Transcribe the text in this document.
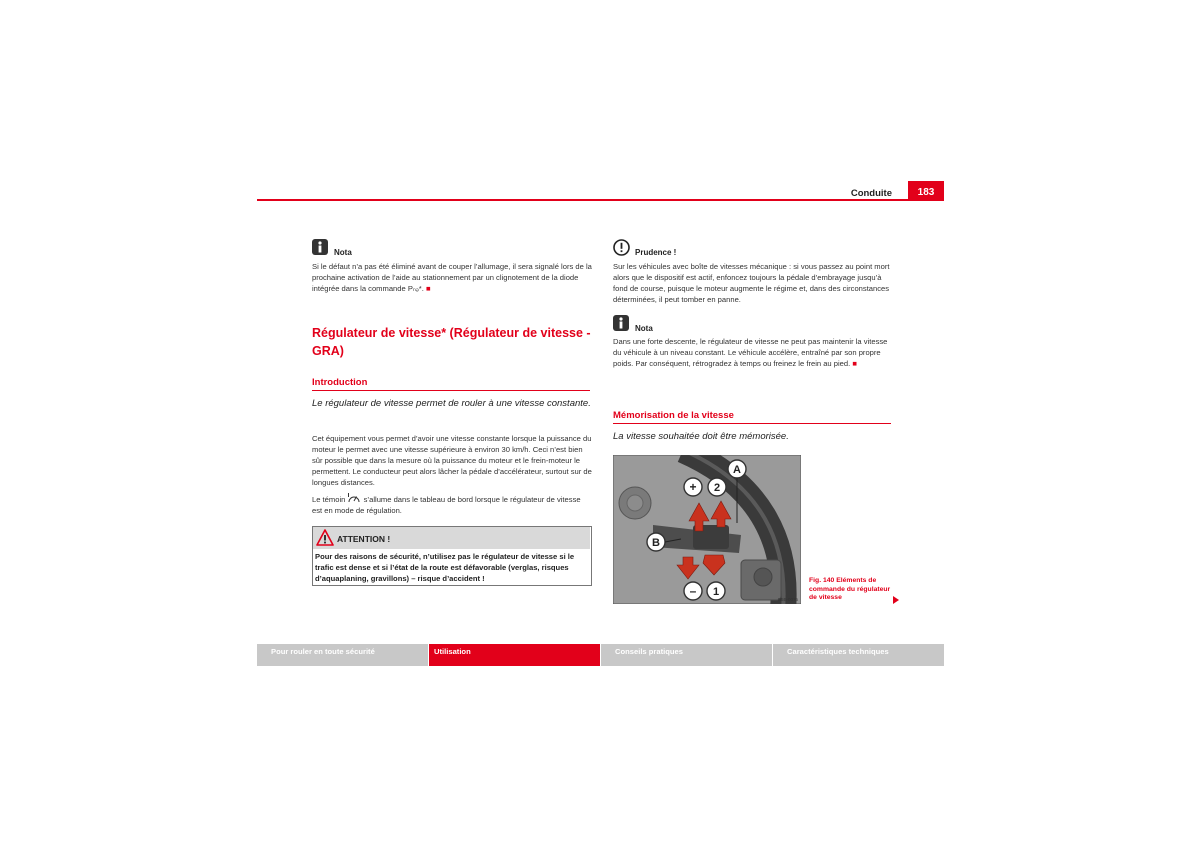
Conduite	183
Nota
Si le défaut n’a pas été éliminé avant de couper l’allumage, il sera signalé lors de la prochaine activation de l’aide au stationnement par un clignotement de la diode intégrée dans la commande Pₙₔ*. ■
Régulateur de vitesse* (Régulateur de vitesse - GRA)
Introduction
Le régulateur de vitesse permet de rouler à une vitesse constante.
Cet équipement vous permet d’avoir une vitesse constante lorsque la puissance du moteur le permet avec une vitesse supérieure à environ 30 km/h. Ceci n’est bien sûr possible que dans la mesure où la puissance du moteur et le frein-moteur le permettent. Le conducteur peut alors lâcher la pédale d’accélérateur, surtout sur de longues distances.
Le témoin s’allume dans le tableau de bord lorsque le régulateur de vitesse est en mode de régulation.
ATTENTION !
Pour des raisons de sécurité, n’utilisez pas le régulateur de vitesse si le trafic est dense et si l’état de la route est défavorable (verglas, risques d’aquaplaning, gravillons) – risque d’accident !
Prudence !
Sur les véhicules avec boîte de vitesses mécanique : si vous passez au point mort alors que le dispositif est actif, enfoncez toujours la pédale d’embrayage jusqu’à fond de course, puisque le moteur augmente le régime et, dans des circonstances déterminées, il peut tomber en panne.
Nota
Dans une forte descente, le régulateur de vitesse ne peut pas maintenir la vitesse du véhicule à un niveau constant. Le véhicule accélère, entraîné par son propre poids. Par conséquent, rétrogradez à temps ou freinez le frein au pied. ■
Mémorisation de la vitesse
La vitesse souhaitée doit être mémorisée.
+ 2
A
B
– 1
B5B-0075
Fig. 140 Eléments de commande du régulateur de vitesse
Pour rouler en toute sécurité	Utilisation	Conseils pratiques	Caractéristiques techniques
